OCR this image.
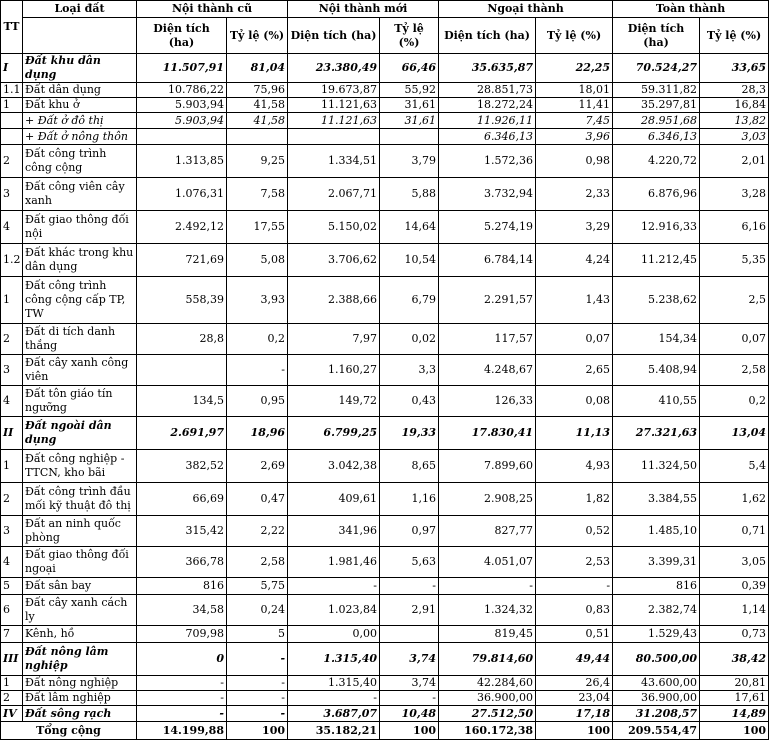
TT	Loại đất	Nội thành cũ		Nội thành mới		Ngoại thành		Toàn thành	
		Diện tích (ha)	Tỷ lệ (%)	Diện tích (ha)	Tỷ lệ (%)	Diện tích (ha)	Tỷ lệ (%)	Diện tích (ha)	Tỷ lệ (%)
I	Đất khu dân dụng	11.507,91	81,04	23.380,49	66,46	35.635,87	22,25	70.524,27	33,65
1.1	Đất dân dụng	10.786,22	75,96	19.673,87	55,92	28.851,73	18,01	59.311,82	28,3
1	Đất khu ở	5.903,94	41,58	11.121,63	31,61	18.272,24	11,41	35.297,81	16,84
	+ Đất ở đô thị	5.903,94	41,58	11.121,63	31,61	11.926,11	7,45	28.951,68	13,82
	+ Đất ở nông thôn					6.346,13	3,96	6.346,13	3,03
2	Đất công trình công cộng	1.313,85	9,25	1.334,51	3,79	1.572,36	0,98	4.220,72	2,01
3	Đất công viên cây xanh	1.076,31	7,58	2.067,71	5,88	3.732,94	2,33	6.876,96	3,28
4	Đất giao thông đối nội	2.492,12	17,55	5.150,02	14,64	5.274,19	3,29	12.916,33	6,16
1.2	Đất khác trong khu dân dụng	721,69	5,08	3.706,62	10,54	6.784,14	4,24	11.212,45	5,35
1	Đất công trình công cộng cấp TP, TW	558,39	3,93	2.388,66	6,79	2.291,57	1,43	5.238,62	2,5
2	Đất di tích danh thắng	28,8	0,2	7,97	0,02	117,57	0,07	154,34	0,07
3	Đất cây xanh công viên		-	1.160,27	3,3	4.248,67	2,65	5.408,94	2,58
4	Đất tôn giáo tín ngưỡng	134,5	0,95	149,72	0,43	126,33	0,08	410,55	0,2
II	Đất ngoài dân dụng	2.691,97	18,96	6.799,25	19,33	17.830,41	11,13	27.321,63	13,04
1	Đất công nghiệp - TTCN, kho bãi	382,52	2,69	3.042,38	8,65	7.899,60	4,93	11.324,50	5,4
2	Đất công trình đầu mối kỹ thuật đô thị	66,69	0,47	409,61	1,16	2.908,25	1,82	3.384,55	1,62
3	Đất an ninh quốc phòng	315,42	2,22	341,96	0,97	827,77	0,52	1.485,10	0,71
4	Đất giao thông đối ngoại	366,78	2,58	1.981,46	5,63	4.051,07	2,53	3.399,31	3,05
5	Đất sân bay	816	5,75	-	-	-	-	816	0,39
6	Đất cây xanh cách ly	34,58	0,24	1.023,84	2,91	1.324,32	0,83	2.382,74	1,14
7	Kênh, hồ	709,98	5	0,00		819,45	0,51	1.529,43	0,73
III	Đất nông lâm nghiệp	0	-	1.315,40	3,74	79.814,60	49,44	80.500,00	38,42
1	Đất nông nghiệp	-	-	1.315,40	3,74	42.284,60	26,4	43.600,00	20,81
2	Đất lâm nghiệp	-	-	-	-	36.900,00	23,04	36.900,00	17,61
IV	Đất sông rạch	-	-	3.687,07	10,48	27.512,50	17,18	31.208,57	14,89
Tổng cộng		14.199,88	100	35.182,21	100	160.172,38	100	209.554,47	100
